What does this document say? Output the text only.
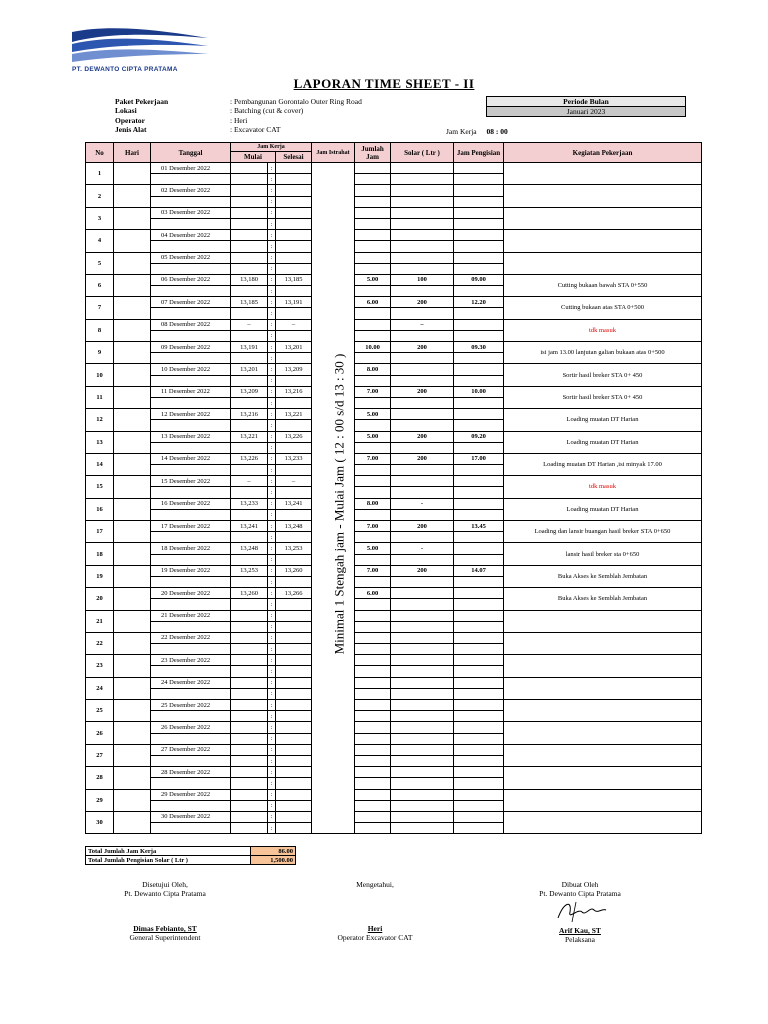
PT. DEWANTO CIPTA PRATAMA
LAPORAN TIME SHEET - II
Paket Pekerjaan	: Pembangunan Gorontalo Outer Ring Road
Lokasi	: Batching (cut & cover)
Operator	: Heri
Jenis Alat	: Excavator CAT
Periode Bulan
Januari 2023
Jam Kerja 08 : 00
No	Hari	Tanggal	Jam Kerja			Jam Istrahat	Jumlah Jam	Solar ( Ltr )	Jam Pengisian	Kegiatan Pekerjaan
			Mulai		Selesai					
1		01 Desember 2022		:						
				:						
2		02 Desember 2022		:						
				:						
3		03 Desember 2022		:						
				:						
4		04 Desember 2022		:						
				:						
5		05 Desember 2022		:						
				:						
6		06 Desember 2022	13,180	:	13,185		5.00	100	09.00	Cutting bukaan bawah STA 0+550
				:						
7		07 Desember 2022	13,185	:	13,191		6.00	200	12.20	Cutting bukaan atas STA 0+500
				:						
8		08 Desember 2022	–	:	–			–		tdk masuk
				:						
9		09 Desember 2022	13,191	:	13,201		10.00	200	09.30	isi jam 13.00 lanjutan galian bukaan atas 0+500
				:						
10		10 Desember 2022	13,201	:	13,209		8.00			Sortir hasil breker STA 0+ 450
				:						
11		11 Desember 2022	13,209	:	13,216		7.00	200	10.00	Sortir hasil breker STA 0+ 450
				:						
12		12 Desember 2022	13,216	:	13,221		5.00			Loading muatan DT Harian
				:						
13		13 Desember 2022	13,221	:	13,226		5.00	200	09.20	Loading muatan DT Harian
				:						
14		14 Desember 2022	13,226	:	13,233		7.00	200	17.00	Loading muatan DT Harian ,isi minyak 17.00
				:						
15		15 Desember 2022	–	:	–					tdk masuk
				:						
16		16 Desember 2022	13,233	:	13,241		8.00	-		Loading muatan DT Harian
				:						
17		17 Desember 2022	13,241	:	13,248		7.00	200	13.45	Loading dan lansir buangan hasil breker STA 0+650
				:						
18		18 Desember 2022	13,248	:	13,253		5.00	-		lansir hasil breker sta 0+650
				:						
19		19 Desember 2022	13,253	:	13,260		7.00	200	14.07	Buka Akses ke Semblah Jembatan
				:						
20		20 Desember 2022	13,260	:	13,266		6.00			Buka Akses ke Semblah Jembatan
				:						
21		21 Desember 2022		:						
				:						
22		22 Desember 2022		:						
				:						
23		23 Desember 2022		:						
				:						
24		24 Desember 2022		:						
				:						
25		25 Desember 2022		:						
				:						
26		26 Desember 2022		:						
				:						
27		27 Desember 2022		:						
				:						
28		28 Desember 2022		:						
				:						
29		29 Desember 2022		:						
				:						
30		30 Desember 2022		:						
				:						
Minimal 1 Stengah jam - Mulai Jam ( 12 : 00 s/d 13 : 30 )
Total Jumlah Jam Kerja	86.00
Total Jumlah Pengisian Solar ( Ltr )	1,500.00
Disetujui Oleh,
Pt. Dewanto Cipta Pratama
Dimas Febianto, ST
General Superintendent
Mengetahui,
Heri
Operator Excavator CAT
Dibuat Oleh
Pt. Dewanto Cipta Pratama
Arif Kau, ST
Pelaksana
